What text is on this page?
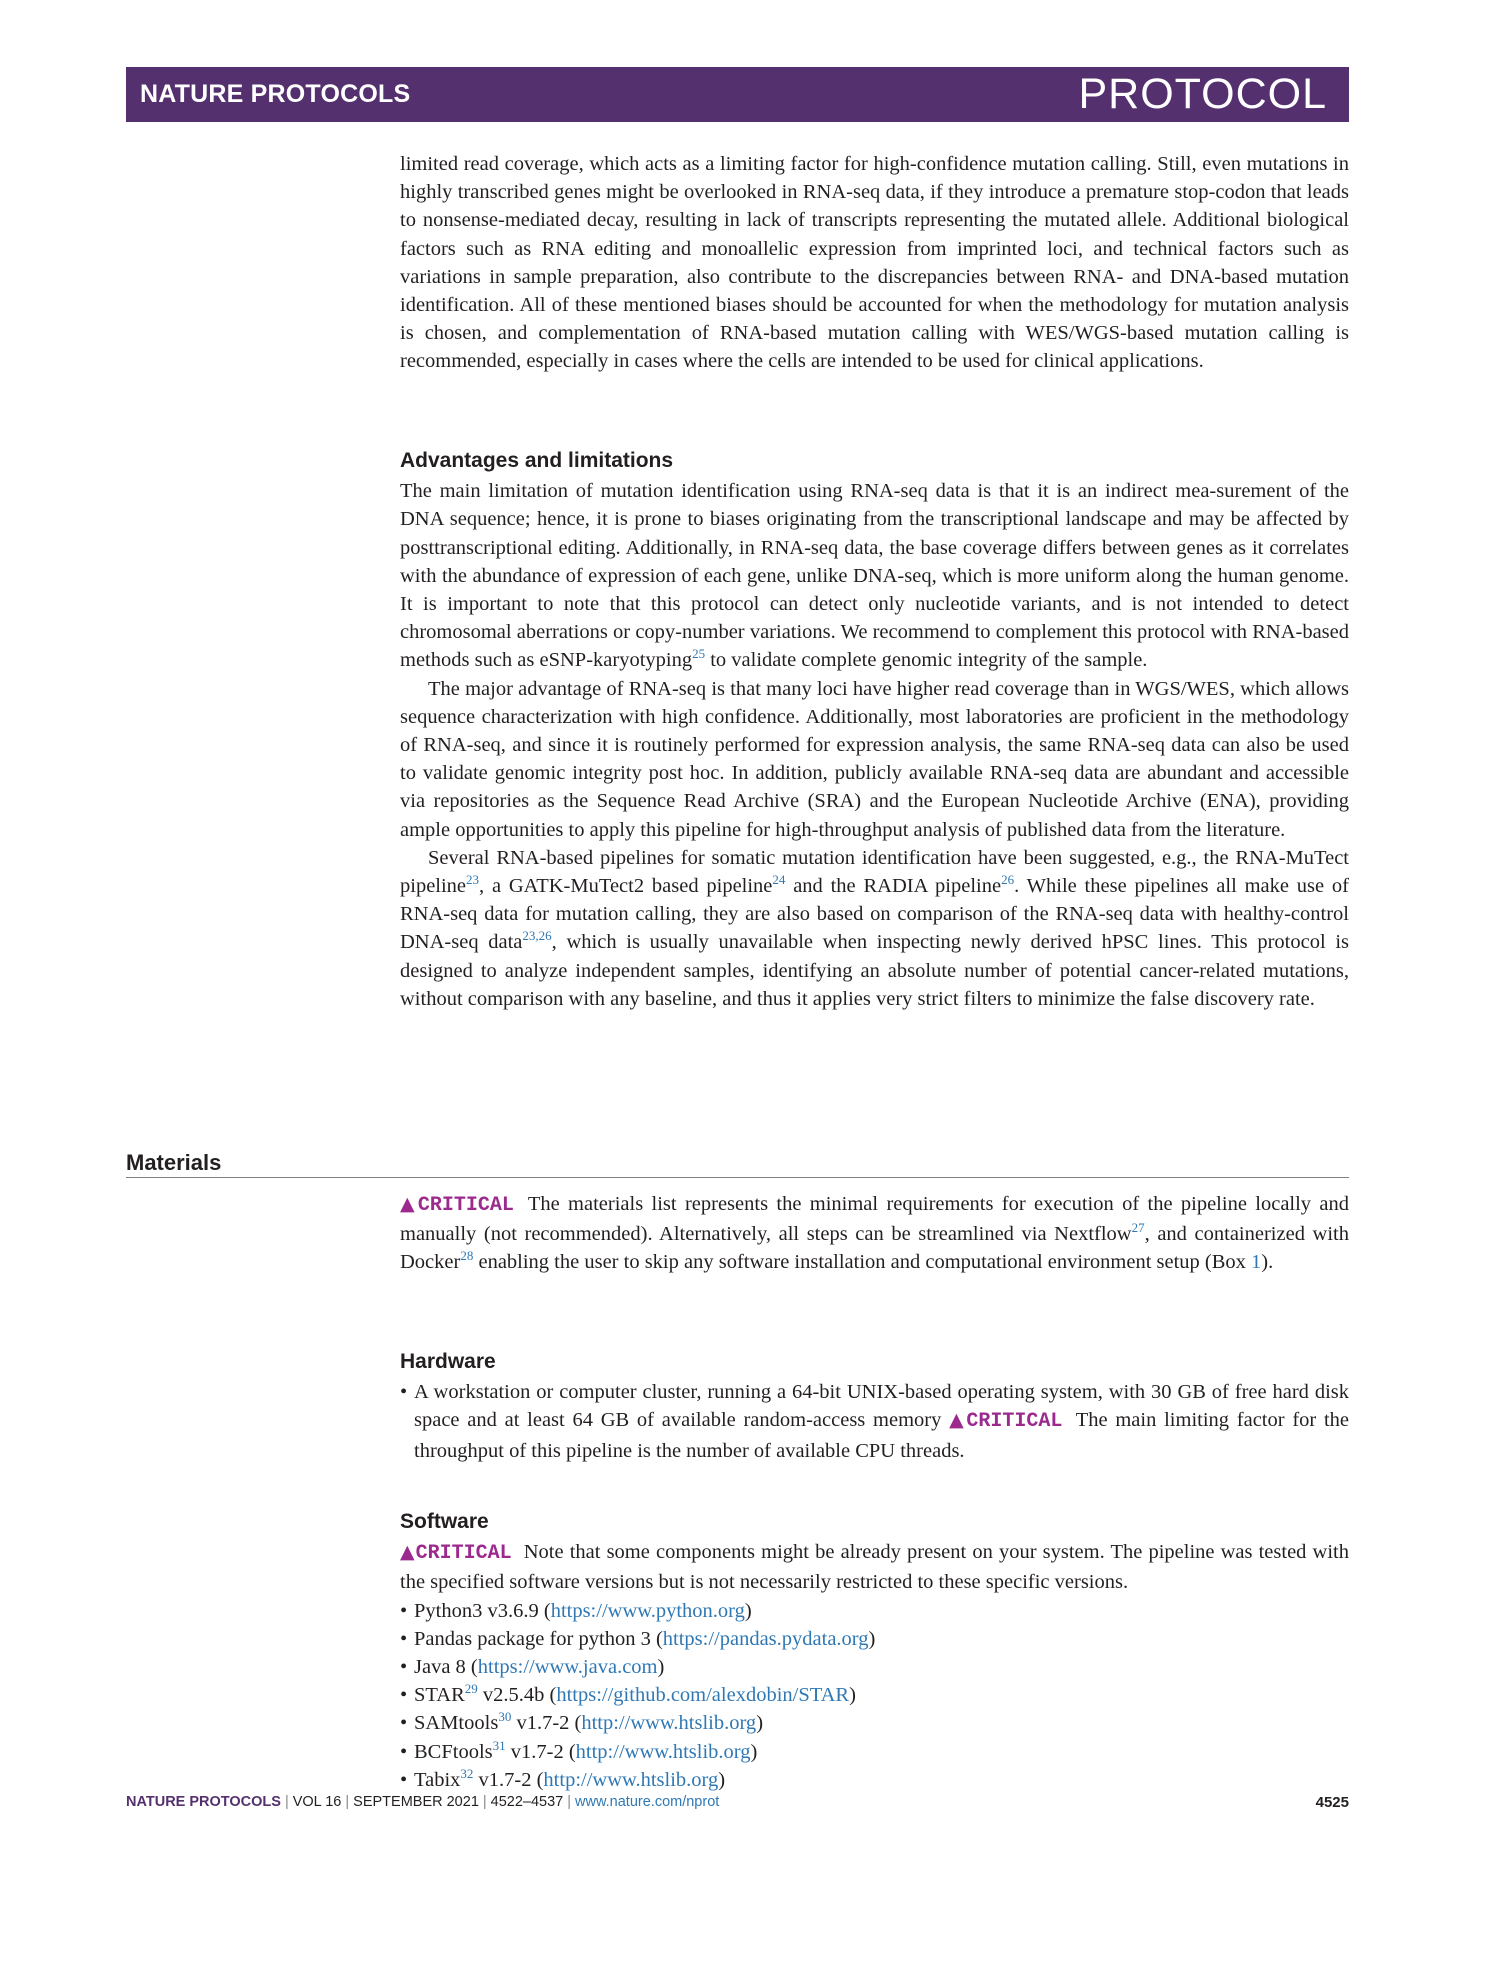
NATURE PROTOCOLS	PROTOCOL

limited read coverage, which acts as a limiting factor for high-confidence mutation calling. Still, even mutations in highly transcribed genes might be overlooked in RNA-seq data, if they introduce a premature stop-codon that leads to nonsense-mediated decay, resulting in lack of transcripts representing the mutated allele. Additional biological factors such as RNA editing and monoallelic expression from imprinted loci, and technical factors such as variations in sample preparation, also contribute to the discrepancies between RNA- and DNA-based mutation identification. All of these mentioned biases should be accounted for when the methodology for mutation analysis is chosen, and complementation of RNA-based mutation calling with WES/WGS-based mutation calling is recommended, especially in cases where the cells are intended to be used for clinical applications.

Advantages and limitations

The main limitation of mutation identification using RNA-seq data is that it is an indirect mea-surement of the DNA sequence; hence, it is prone to biases originating from the transcriptional landscape and may be affected by posttranscriptional editing. Additionally, in RNA-seq data, the base coverage differs between genes as it correlates with the abundance of expression of each gene, unlike DNA-seq, which is more uniform along the human genome. It is important to note that this protocol can detect only nucleotide variants, and is not intended to detect chromosomal aberrations or copy-number variations. We recommend to complement this protocol with RNA-based methods such as eSNP-karyotyping$^{25}$ to validate complete genomic integrity of the sample.

The major advantage of RNA-seq is that many loci have higher read coverage than in WGS/WES, which allows sequence characterization with high confidence. Additionally, most laboratories are proficient in the methodology of RNA-seq, and since it is routinely performed for expression analysis, the same RNA-seq data can also be used to validate genomic integrity post hoc. In addition, publicly available RNA-seq data are abundant and accessible via repositories as the Sequence Read Archive (SRA) and the European Nucleotide Archive (ENA), providing ample opportunities to apply this pipeline for high-throughput analysis of published data from the literature.

Several RNA-based pipelines for somatic mutation identification have been suggested, e.g., the RNA-MuTect pipeline$^{23}$, a GATK-MuTect2 based pipeline$^{24}$ and the RADIA pipeline$^{26}$. While these pipelines all make use of RNA-seq data for mutation calling, they are also based on comparison of the RNA-seq data with healthy-control DNA-seq data$^{23,26}$, which is usually unavailable when inspecting newly derived hPSC lines. This protocol is designed to analyze independent samples, identifying an absolute number of potential cancer-related mutations, without comparison with any baseline, and thus it applies very strict filters to minimize the false discovery rate.

Materials

▲CRITICAL The materials list represents the minimal requirements for execution of the pipeline locally and manually (not recommended). Alternatively, all steps can be streamlined via Nextflow$^{27}$, and containerized with Docker$^{28}$ enabling the user to skip any software installation and computational environment setup (Box 1).

Hardware
• A workstation or computer cluster, running a 64-bit UNIX-based operating system, with 30 GB of free hard disk space and at least 64 GB of available random-access memory ▲CRITICAL The main limiting factor for the throughput of this pipeline is the number of available CPU threads.
Software

▲CRITICAL Note that some components might be already present on your system. The pipeline was tested with the specified software versions but is not necessarily restricted to these specific versions.

• Python3 v3.6.9 (https://www.python.org)
• Pandas package for python 3 (https://pandas.pydata.org)
• Java 8 (https://www.java.com)
• STAR$^{29}$ v2.5.4b (https://github.com/alexdobin/STAR)
• SAMtools$^{30}$ v1.7-2 (http://www.htslib.org)
• BCFtools$^{31}$ v1.7-2 (http://www.htslib.org)
• Tabix$^{32}$ v1.7-2 (http://www.htslib.org)
NATURE PROTOCOLS | VOL 16 | SEPTEMBER 2021 | 4522–4537 | www.nature.com/nprot	4525
